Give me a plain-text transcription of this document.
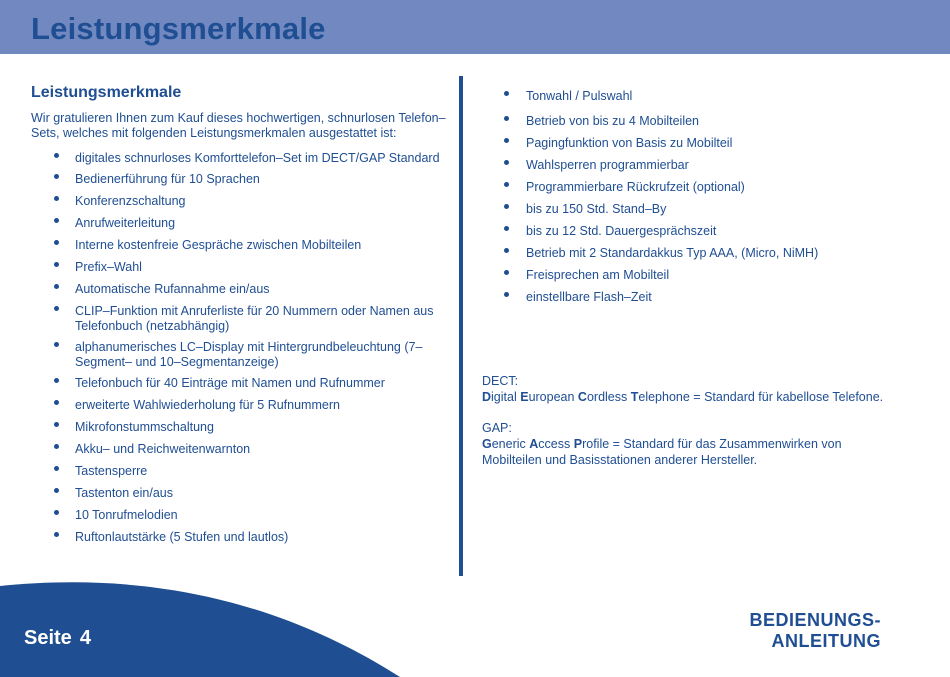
Leistungsmerkmale
Leistungsmerkmale

Wir gratulieren Ihnen zum Kauf dieses hochwertigen, schnurlosen Telefon–Sets, welches mit folgenden Leistungsmerkmalen ausgestattet ist:

digitales schnurloses Komforttelefon–Set im DECT/GAP Standard
Bedienerführung für 10 Sprachen
Konferenzschaltung
Anrufweiterleitung
Interne kostenfreie Gespräche zwischen Mobilteilen
Prefix–Wahl
Automatische Rufannahme ein/aus
CLIP–Funktion mit Anruferliste für 20 Nummern oder Namen aus Telefonbuch (netzabhängig)
alphanumerisches LC–Display mit Hintergrundbeleuchtung (7–Segment– und 10–Segmentanzeige)
Telefonbuch für 40 Einträge mit Namen und Rufnummer
erweiterte Wahlwiederholung für 5 Rufnummern
Mikrofonstummschaltung
Akku– und Reichweitenwarnton
Tastensperre
Tastenton ein/aus
10 Tonrufmelodien
Ruftonlautstärke (5 Stufen und lautlos)
Tonwahl / Pulswahl
Betrieb von bis zu 4 Mobilteilen
Pagingfunktion von Basis zu Mobilteil
Wahlsperren programmierbar
Programmierbare Rückrufzeit (optional)
bis zu 150 Std. Stand–By
bis zu 12 Std. Dauergesprächszeit
Betrieb mit 2 Standardakkus Typ AAA, (Micro, NiMH)
Freisprechen am Mobilteil
einstellbare Flash–Zeit
DECT:
Digital European Cordless Telephone = Standard für kabellose Telefone.
GAP:
Generic Access Profile = Standard für das Zusammenwirken von Mobilteilen und Basisstationen anderer Hersteller.
Seite 4
BEDIENUNGS-
ANLEITUNG
